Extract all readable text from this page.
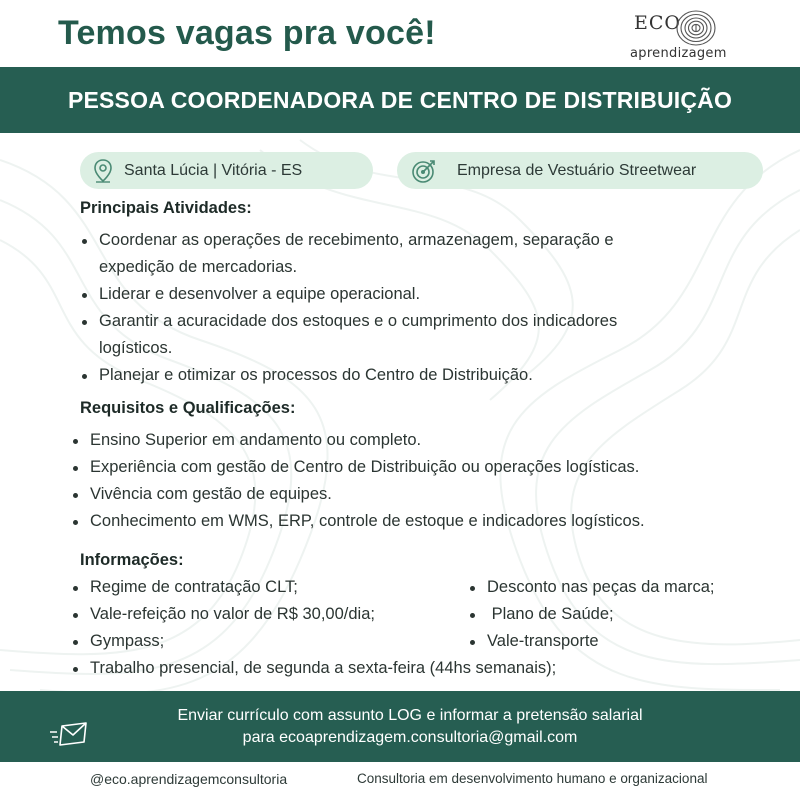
Temos vagas pra você!	ECO
aprendizagem
PESSOA COORDENADORA DE CENTRO DE DISTRIBUIÇÃO
Santa Lúcia | Vitória - ES	Empresa de Vestuário Streetwear
Principais Atividades:
Coordenar as operações de recebimento, armazenagem, separação e
expedição de mercadorias.
Liderar e desenvolver a equipe operacional.
Garantir a acuracidade dos estoques e o cumprimento dos indicadores
logísticos.
Planejar e otimizar os processos do Centro de Distribuição.
Requisitos e Qualificações:
Ensino Superior em andamento ou completo.
Experiência com gestão de Centro de Distribuição ou operações logísticas.
Vivência com gestão de equipes.
Conhecimento em WMS, ERP, controle de estoque e indicadores logísticos.
Informações:
Regime de contratação CLT;
Vale-refeição no valor de R$ 30,00/dia;
Gympass;
Trabalho presencial, de segunda a sexta-feira (44hs semanais);
Desconto nas peças da marca;
Plano de Saúde;
Vale-transporte
Enviar currículo com assunto LOG e informar a pretensão salarial
para ecoaprendizagem.consultoria@gmail.com
@eco.aprendizagemconsultoria	Consultoria em desenvolvimento humano e organizacional
